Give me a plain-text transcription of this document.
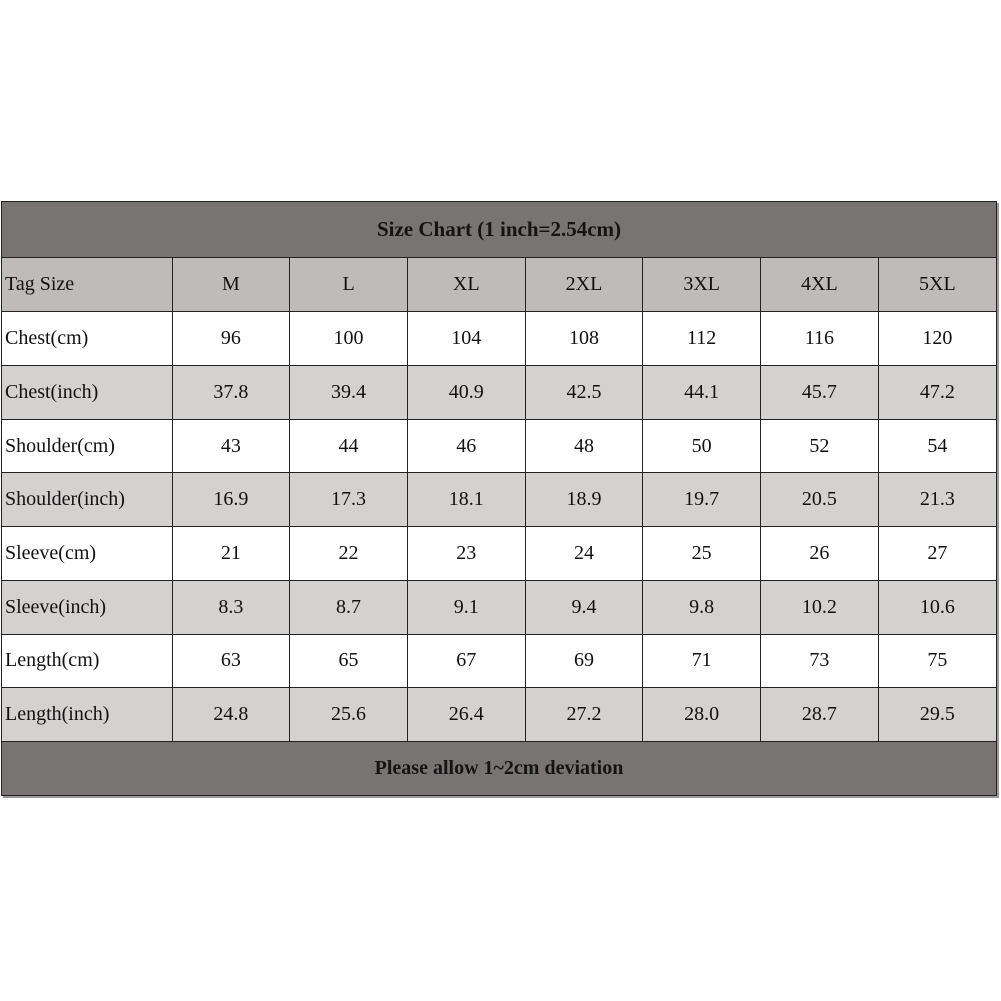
Size Chart (1 inch=2.54cm)
Tag Size	M	L	XL	2XL	3XL	4XL	5XL
Chest(cm)	96	100	104	108	112	116	120
Chest(inch)	37.8	39.4	40.9	42.5	44.1	45.7	47.2
Shoulder(cm)	43	44	46	48	50	52	54
Shoulder(inch)	16.9	17.3	18.1	18.9	19.7	20.5	21.3
Sleeve(cm)	21	22	23	24	25	26	27
Sleeve(inch)	8.3	8.7	9.1	9.4	9.8	10.2	10.6
Length(cm)	63	65	67	69	71	73	75
Length(inch)	24.8	25.6	26.4	27.2	28.0	28.7	29.5
Please allow 1~2cm deviation
